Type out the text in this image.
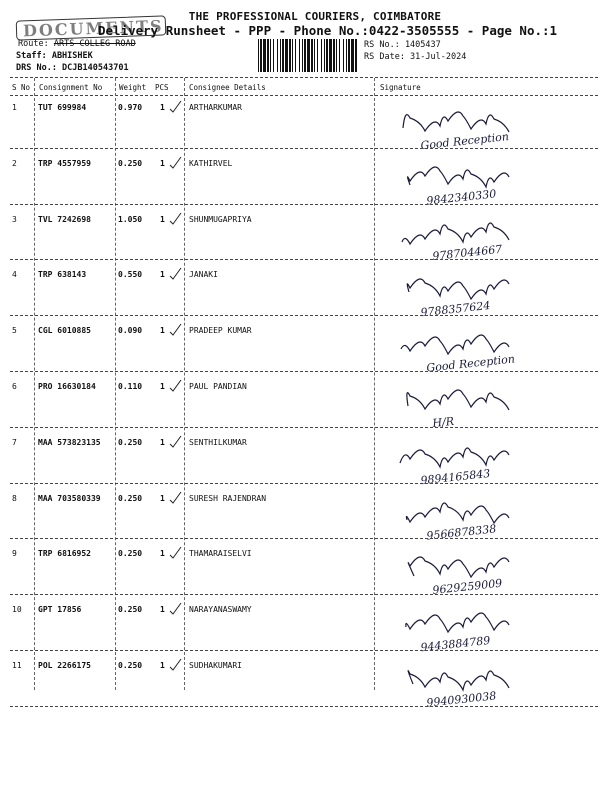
DOCUMENTS	THE PROFESSIONAL COURIERS, COIMBATORE
Delivery Runsheet - PPP - Phone No.:0422-3505555 - Page No.:1
Route: ARTS COLLEG ROAD
Staff: ABHISHEK
DRS No.: DCJB140543701
RS No.: 1405437
RS Date: 31-Jul-2024
S No Consignment No Weight PCS	Consignee Details	Signature
1	TUT 699984	0.970 1	ARTHARKUMAR
Good Reception
2	TRP 4557959	0.250 1	KATHIRVEL
9842340330
3	TVL 7242698	1.050 1	SHUNMUGAPRIYA
9787044667
4	TRP 638143	0.550 1	JANAKI
9788357624
5	CGL 6010885	0.090 1	PRADEEP KUMAR
Good Reception
6	PRO 16630184	0.110 1	PAUL PANDIAN
H/R
7	MAA 573823135 0.250 1	SENTHILKUMAR
9894165843
8	MAA 703580339 0.250 1	SURESH RAJENDRAN
9566878338
9	TRP 6816952	0.250 1	THAMARAISELVI
9629259009
10 GPT 17856	0.250 1	NARAYANASWAMY
9443884789
11 POL 2266175	0.250 1	SUDHAKUMARI
9940930038
